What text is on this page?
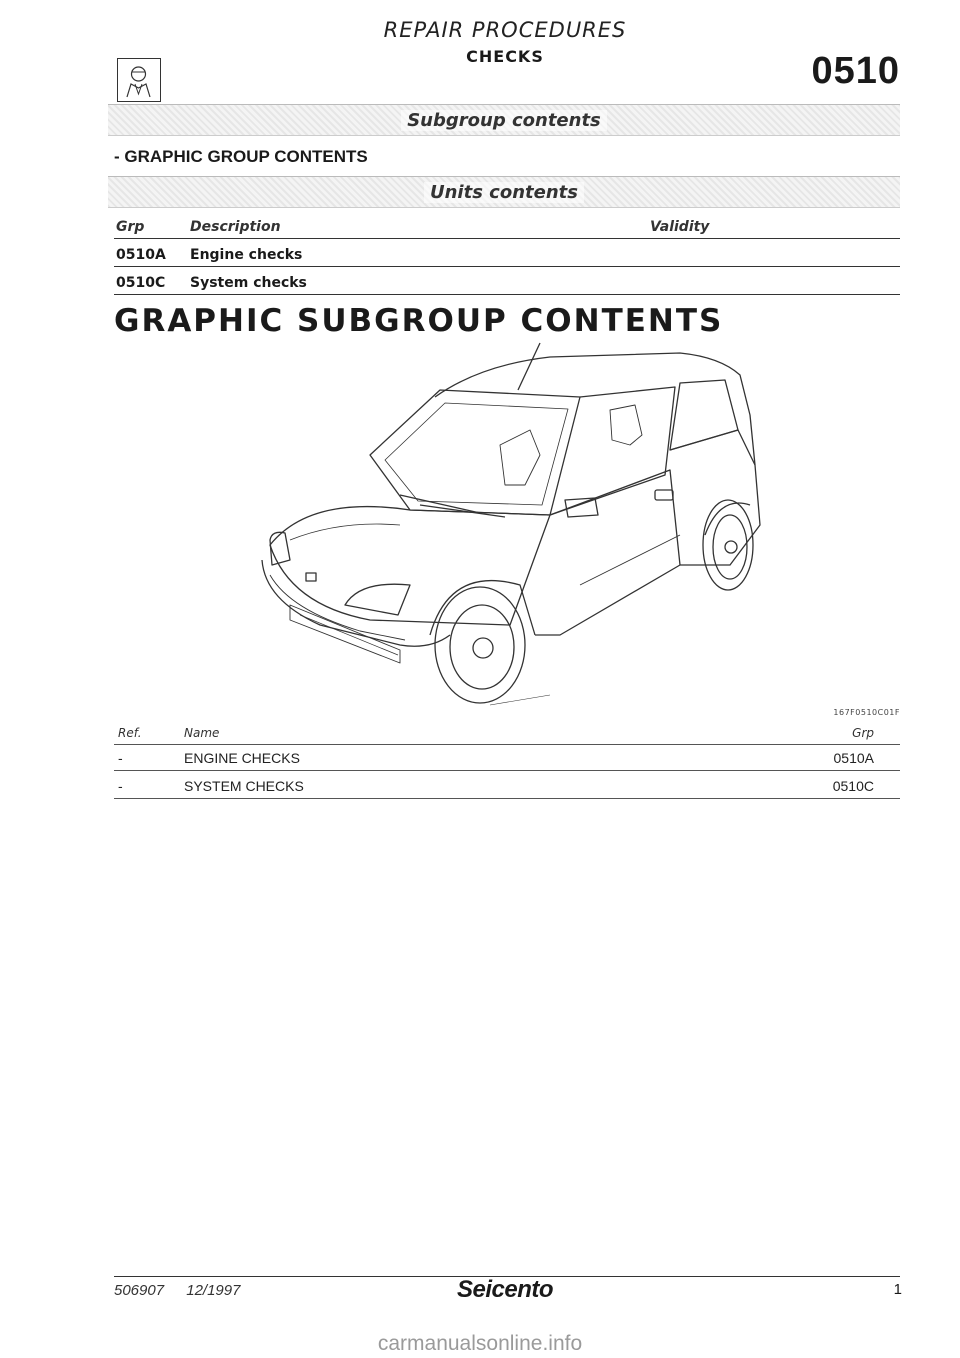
REPAIR PROCEDURES
CHECKS	0510
Subgroup contents
- GRAPHIC GROUP CONTENTS
Units contents
Grp	Description	Validity
0510A Engine checks
0510C System checks
GRAPHIC SUBGROUP CONTENTS
167F0510C01F
Ref.	Name	Grp
-	ENGINE CHECKS	0510A
-	SYSTEM CHECKS	0510C
506907 12/1997	Seicento	1
carmanualsonline.info
